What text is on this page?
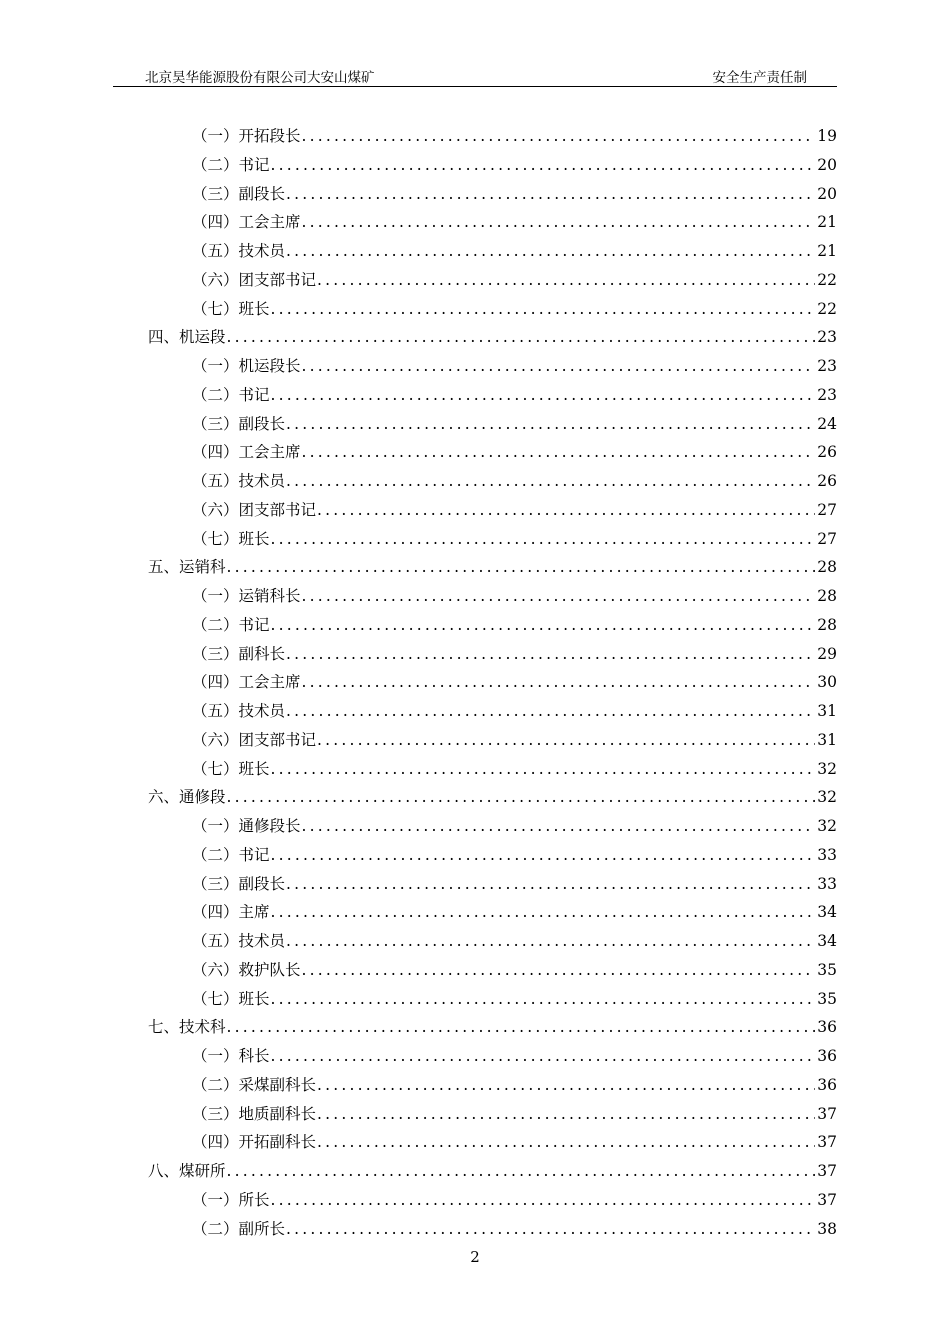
北京昊华能源股份有限公司大安山煤矿	安全生产责任制
（一）开拓段长 .....	19
（二）书记 .....	20
（三）副段长 .....	20
（四）工会主席 .....	21
（五）技术员 .....	21
（六）团支部书记 .....	22
（七）班长 .....	22
四、机运段 .....	23
（一）机运段长 .....	23
（二）书记 .....	23
（三）副段长 .....	24
（四）工会主席 .....	26
（五）技术员 .....	26
（六）团支部书记 .....	27
（七）班长 .....	27
五、运销科 .....	28
（一）运销科长 .....	28
（二）书记 .....	28
（三）副科长 .....	29
（四）工会主席 .....	30
（五）技术员 .....	31
（六）团支部书记 .....	31
（七）班长 .....	32
六、通修段 .....	32
（一）通修段长 .....	32
（二）书记 .....	33
（三）副段长 .....	33
（四）主席 .....	34
（五）技术员 .....	34
（六）救护队长 .....	35
（七）班长 .....	35
七、技术科 .....	36
（一）科长 .....	36
（二）采煤副科长 .....	36
（三）地质副科长 .....	37
（四）开拓副科长 .....	37
八、煤研所 .....	37
（一）所长 .....	37
（二）副所长 .....	38
2
